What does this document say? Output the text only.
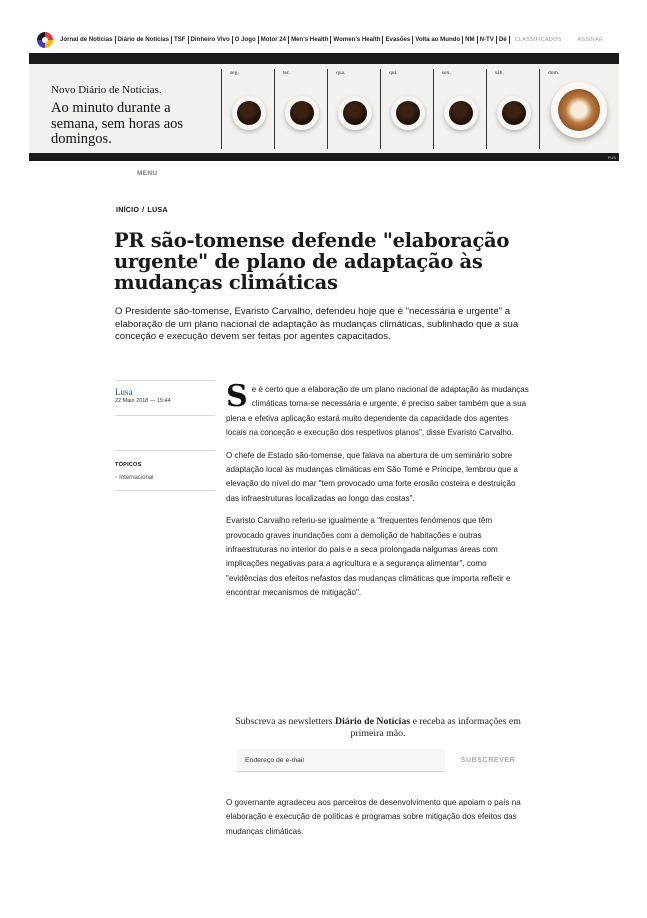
Jornal de Notícias Diário de Notícias TSF Dinheiro Vivo O Jogo Motor 24 Men's Health Women's Health Evasões Volta ao Mundo NM N-TV Dé	CLASSIFICADOS	ASSINAR
Novo Diário de Notícias.
Ao minuto durante a semana, sem horas aos domingos.
seg.	ter.	qua.	qui.	sex.	sáb.	dom.
PUB
MENU
INÍCIO / LUSA
PR são-tomense defende "elaboração urgente" de plano de adaptação às mudanças climáticas
O Presidente são-tomense, Evaristo Carvalho, defendeu hoje que é "necessária e urgente" a elaboração de um plano nacional de adaptação às mudanças climáticas, sublinhado que a sua conceção e execução devem ser feitas por agentes capacitados.
Lusa
22 Maio 2018 — 15:44
TÓPICOS
• Internacional

Se é certo que a elaboração de um plano nacional de adaptação às mudanças climáticas torna-se necessária e urgente, é preciso saber também que a sua plena e efetiva aplicação estará muito dependente da capacidade dos agentes locais na conceção e execução dos respetivos planos", disse Evaristo Carvalho.

O chefe de Estado são-tomense, que falava na abertura de um seminário sobre adaptação local às mudanças climáticas em São Tomé e Príncipe, lembrou que a elevação do nível do mar "tem provocado uma forte erosão costeira e destruição das infraestruturas localizadas ao longo das costas".

Evaristo Carvalho referiu-se igualmente a "frequentes fenómenos que têm provocado graves inundações com a demolição de habitações e outras infraestruturas no interior do país e a seca prolongada nalgumas áreas com implicações negativas para a agricultura e a segurança alimentar", como "evidências dos efeitos nefastos das mudanças climáticas que importa refletir e encontrar mecanismos de mitigação".

Subscreva as newsletters Diário de Notícias e receba as informações em primeira mão.
Endereço de e-mail
SUBSCREVER

O governante agradeceu aos parceiros de desenvolvimento que apoiam o país na elaboração e execução de políticas e programas sobre mitigação dos efeitos das mudanças climáticas.
